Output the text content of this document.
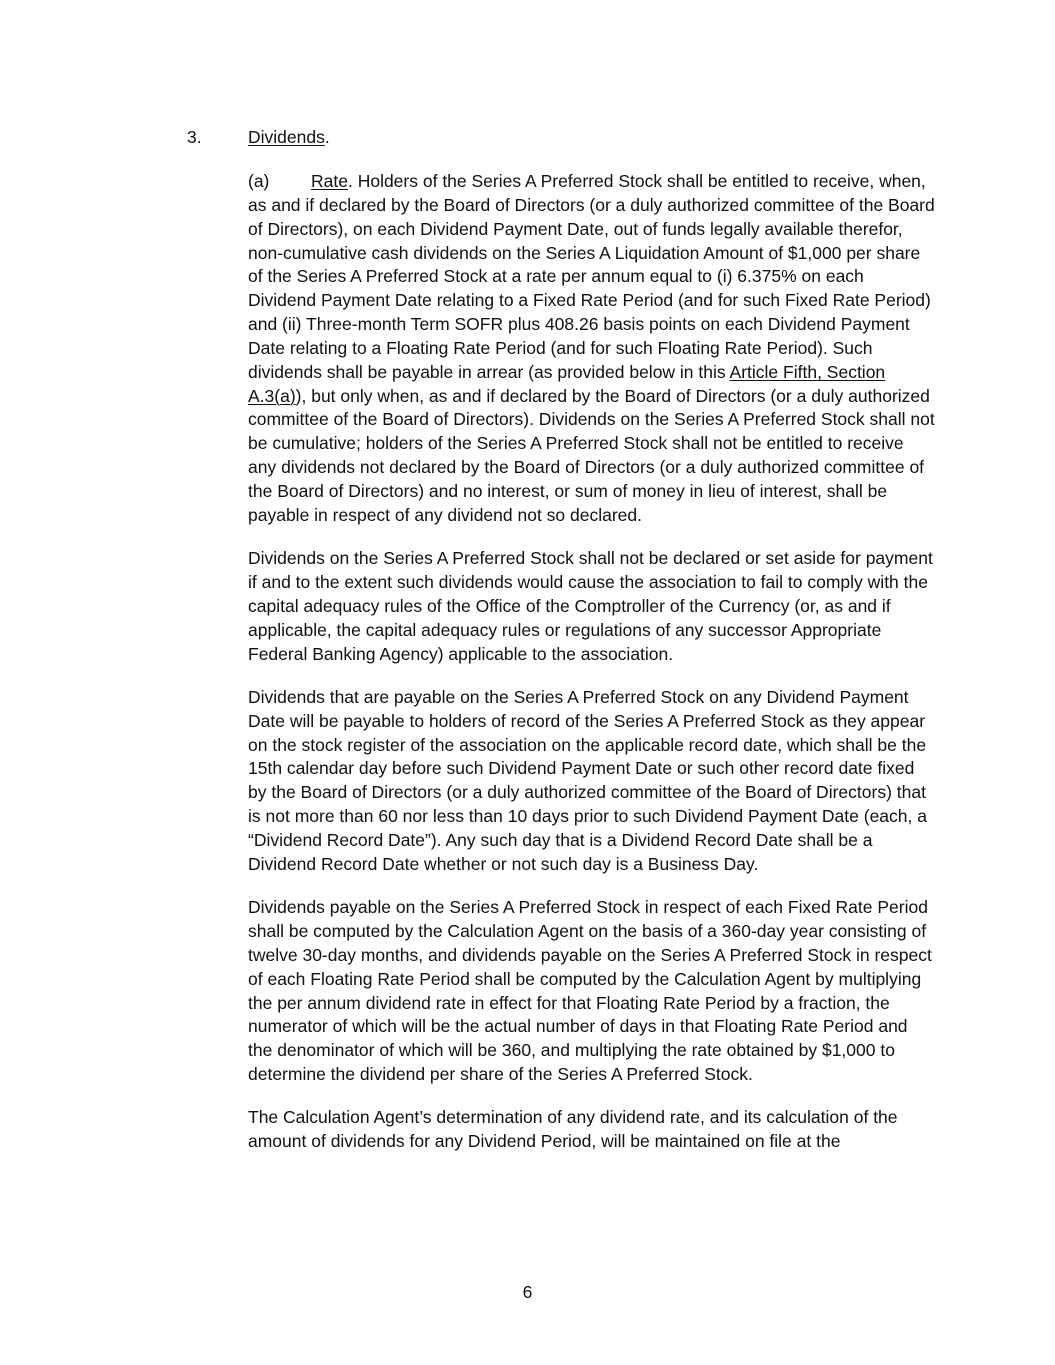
3.	Dividends.

(a) Rate. Holders of the Series A Preferred Stock shall be entitled to receive, when, as and if declared by the Board of Directors (or a duly authorized committee of the Board of Directors), on each Dividend Payment Date, out of funds legally available therefor, non-cumulative cash dividends on the Series A Liquidation Amount of $1,000 per share of the Series A Preferred Stock at a rate per annum equal to (i) 6.375% on each Dividend Payment Date relating to a Fixed Rate Period (and for such Fixed Rate Period) and (ii) Three-month Term SOFR plus 408.26 basis points on each Dividend Payment Date relating to a Floating Rate Period (and for such Floating Rate Period). Such dividends shall be payable in arrear (as provided below in this Article Fifth, Section A.3(a)), but only when, as and if declared by the Board of Directors (or a duly authorized committee of the Board of Directors). Dividends on the Series A Preferred Stock shall not be cumulative; holders of the Series A Preferred Stock shall not be entitled to receive any dividends not declared by the Board of Directors (or a duly authorized committee of the Board of Directors) and no interest, or sum of money in lieu of interest, shall be payable in respect of any dividend not so declared.

Dividends on the Series A Preferred Stock shall not be declared or set aside for payment if and to the extent such dividends would cause the association to fail to comply with the capital adequacy rules of the Office of the Comptroller of the Currency (or, as and if applicable, the capital adequacy rules or regulations of any successor Appropriate Federal Banking Agency) applicable to the association.

Dividends that are payable on the Series A Preferred Stock on any Dividend Payment Date will be payable to holders of record of the Series A Preferred Stock as they appear on the stock register of the association on the applicable record date, which shall be the 15th calendar day before such Dividend Payment Date or such other record date fixed by the Board of Directors (or a duly authorized committee of the Board of Directors) that is not more than 60 nor less than 10 days prior to such Dividend Payment Date (each, a “Dividend Record Date”). Any such day that is a Dividend Record Date shall be a Dividend Record Date whether or not such day is a Business Day.

Dividends payable on the Series A Preferred Stock in respect of each Fixed Rate Period shall be computed by the Calculation Agent on the basis of a 360-day year consisting of twelve 30-day months, and dividends payable on the Series A Preferred Stock in respect of each Floating Rate Period shall be computed by the Calculation Agent by multiplying the per annum dividend rate in effect for that Floating Rate Period by a fraction, the numerator of which will be the actual number of days in that Floating Rate Period and the denominator of which will be 360, and multiplying the rate obtained by $1,000 to determine the dividend per share of the Series A Preferred Stock.

The Calculation Agent’s determination of any dividend rate, and its calculation of the amount of dividends for any Dividend Period, will be maintained on file at the

6
